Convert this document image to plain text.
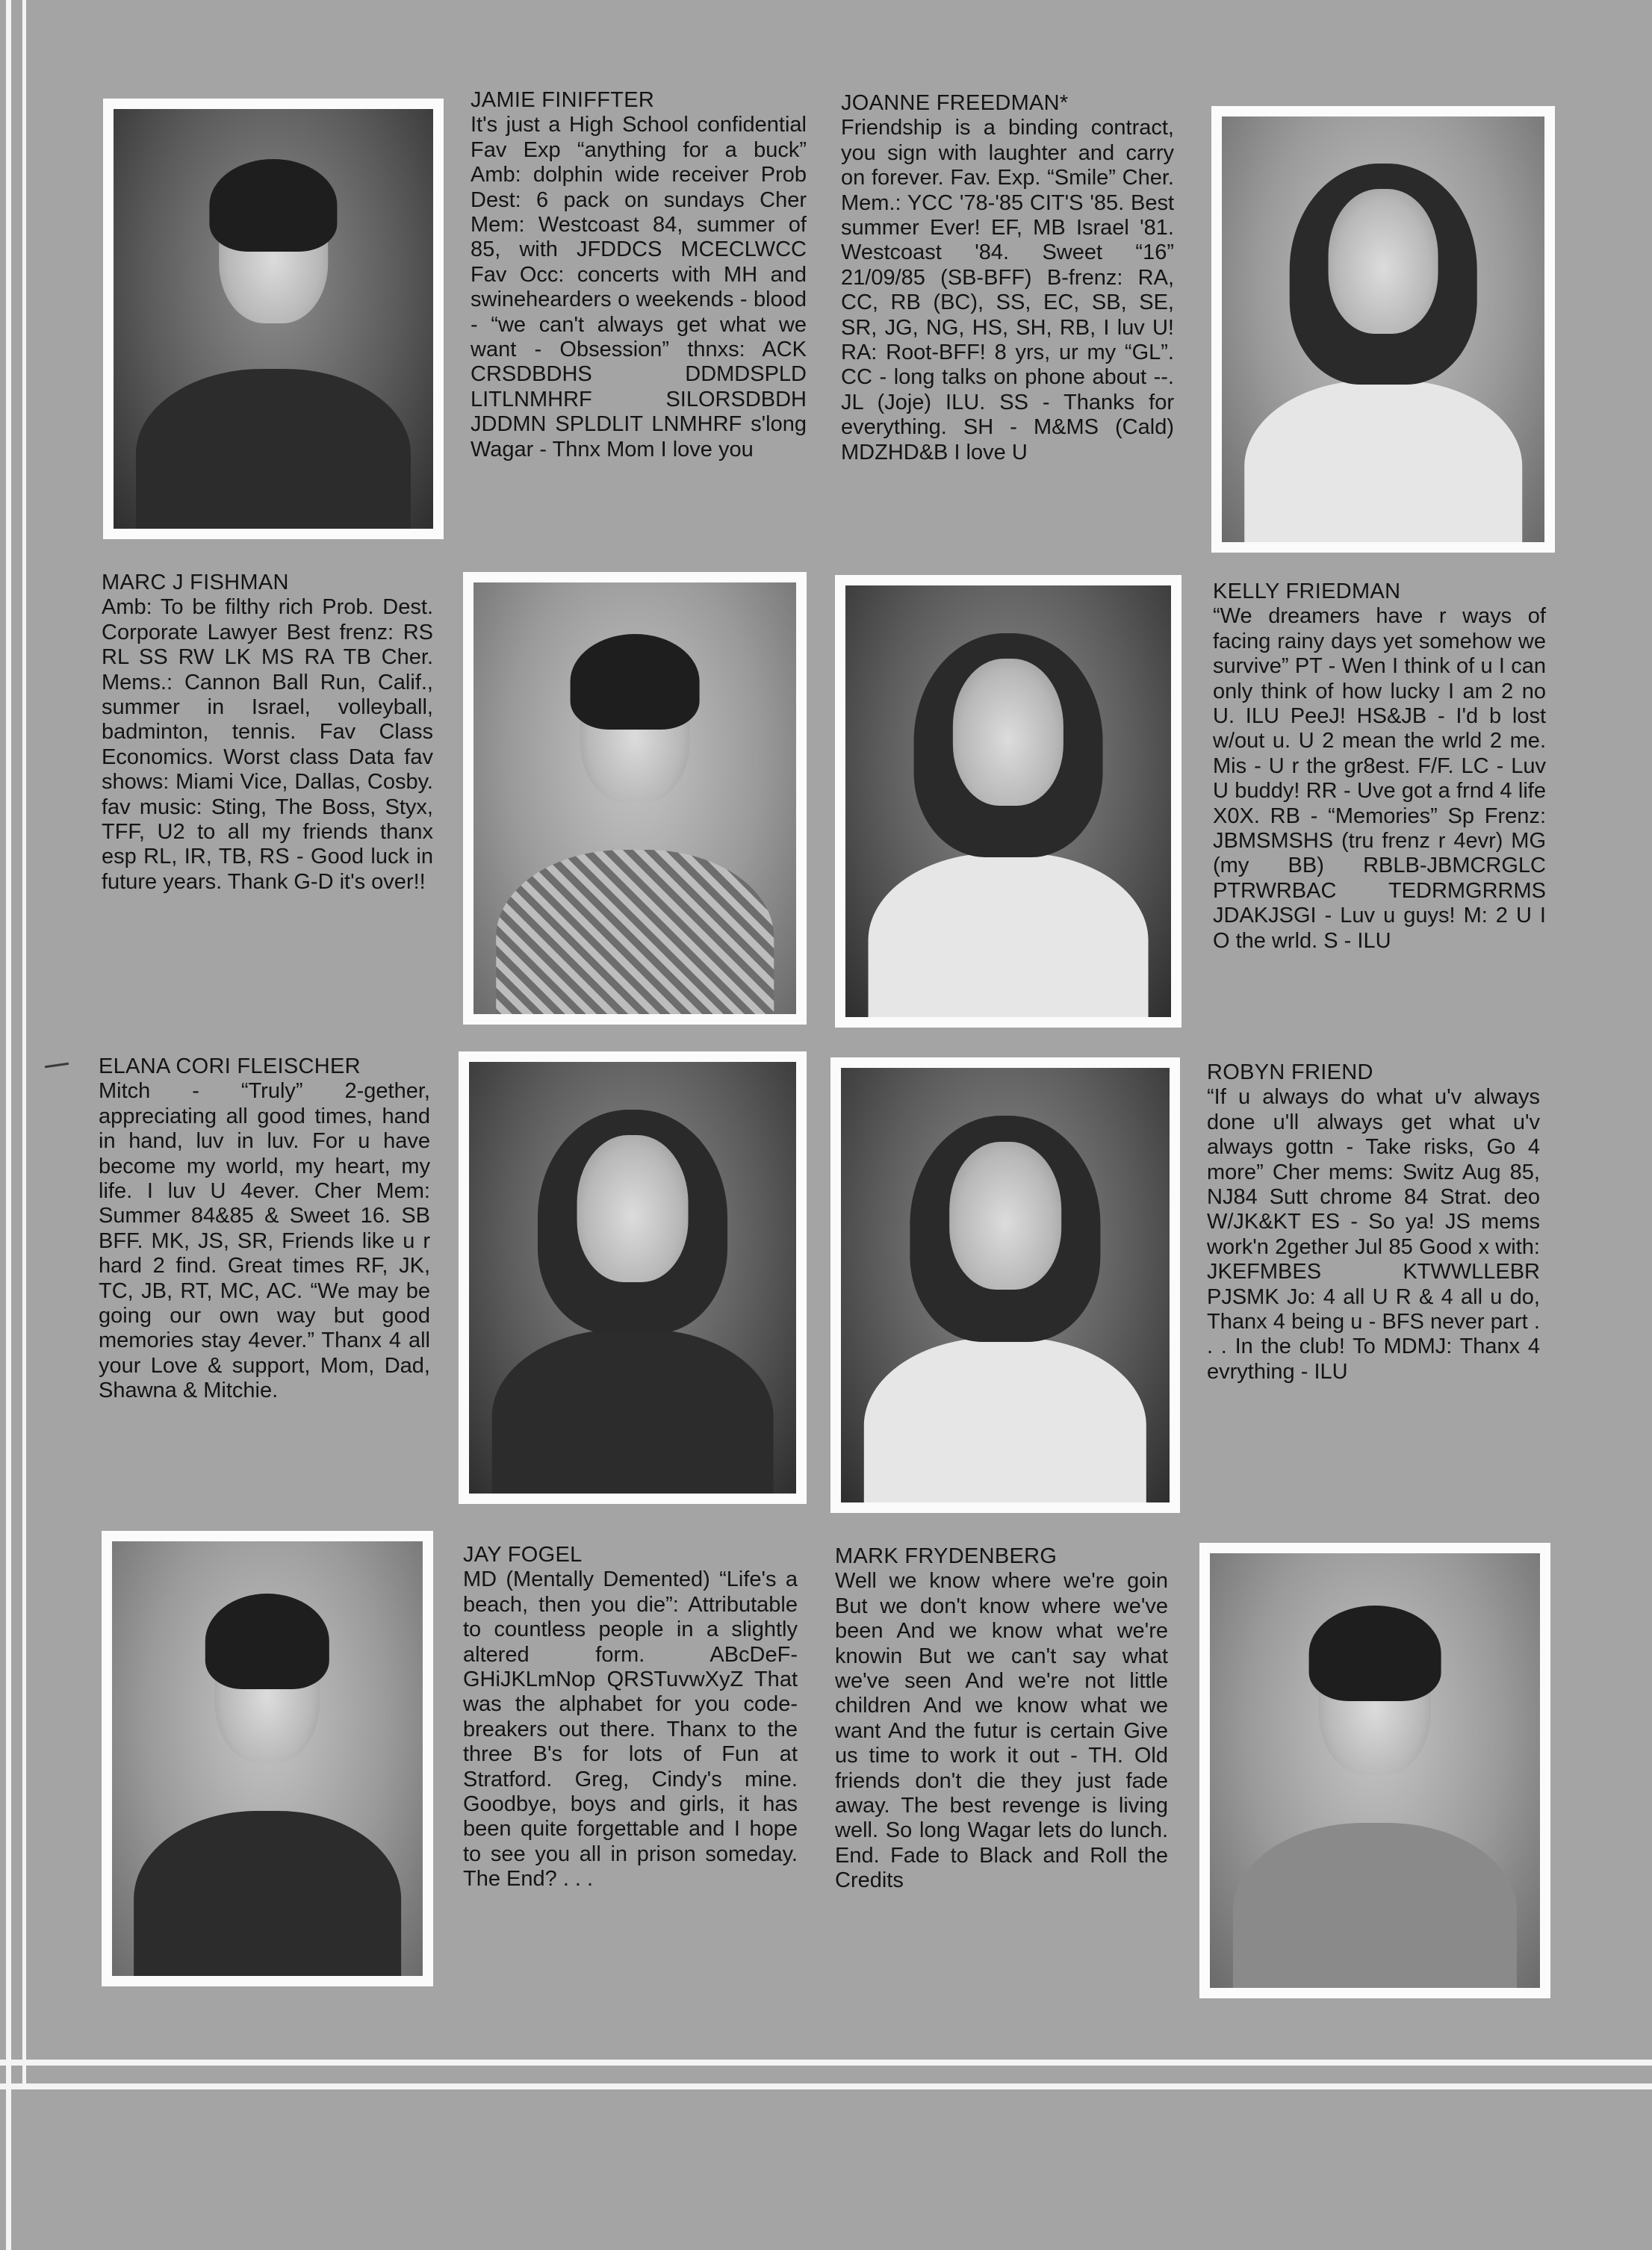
JAMIE FINIFFTER
It's just a High School confidential Fav Exp “anything for a buck” Amb: dolphin wide receiver Prob Dest: 6 pack on sundays Cher Mem: Westcoast 84, summer of 85, with JFDDCS MCECLWCC Fav Occ: concerts with MH and swinehearders o weekends - blood - “we can't always get what we want - Obsession” thnxs: ACK CRSDBDHS DDMDSPLD LITLNMHRF SILORSDBDH JDDMN SPLDLIT LNMHRF s'long Wagar - Thnx Mom I love you
JOANNE FREEDMAN*
Friendship is a binding contract, you sign with laughter and carry on forever. Fav. Exp. “Smile” Cher. Mem.: YCC '78-'85 CIT'S '85. Best summer Ever! EF, MB Israel '81. Westcoast '84. Sweet “16” 21/09/85 (SB-BFF) B-frenz: RA, CC, RB (BC), SS, EC, SB, SE, SR, JG, NG, HS, SH, RB, I luv U! RA: Root-BFF! 8 yrs, ur my “GL”. CC - long talks on phone about --. JL (Joje) ILU. SS - Thanks for everything. SH - M&MS (Cald) MDZHD&B I love U
MARC J FISHMAN
Amb: To be filthy rich Prob. Dest. Corporate Lawyer Best frenz: RS RL SS RW LK MS RA TB Cher. Mems.: Cannon Ball Run, Calif., summer in Israel, volleyball, badminton, tennis. Fav Class Economics. Worst class Data fav shows: Miami Vice, Dallas, Cosby. fav music: Sting, The Boss, Styx, TFF, U2 to all my friends thanx esp RL, IR, TB, RS - Good luck in future years. Thank G-D it's over!!
KELLY FRIEDMAN
“We dreamers have r ways of facing rainy days yet somehow we survive” PT - Wen I think of u I can only think of how lucky I am 2 no U. ILU PeeJ! HS&JB - I'd b lost w/out u. U 2 mean the wrld 2 me. Mis - U r the gr8est. F/F. LC - Luv U buddy! RR - Uve got a frnd 4 life X0X. RB - “Memories” Sp Frenz: JBMSMSHS (tru frenz r 4evr) MG (my BB) RBLB-JBMCRGLC PTRWRBAC TEDRMGRRMS JDAKJSGI - Luv u guys! M: 2 U I O the wrld. S - ILU
ELANA CORI FLEISCHER
Mitch - “Truly” 2-gether, appreciating all good times, hand in hand, luv in luv. For u have become my world, my heart, my life. I luv U 4ever. Cher Mem: Summer 84&85 & Sweet 16. SB BFF. MK, JS, SR, Friends like u r hard 2 find. Great times RF, JK, TC, JB, RT, MC, AC. “We may be going our own way but good memories stay 4ever.” Thanx 4 all your Love & support, Mom, Dad, Shawna & Mitchie.
ROBYN FRIEND
“If u always do what u'v always done u'll always get what u'v always gottn - Take risks, Go 4 more” Cher mems: Switz Aug 85, NJ84 Sutt chrome 84 Strat. deo W/JK&KT ES - So ya! JS mems work'n 2gether Jul 85 Good x with: JKEFMBES KTWWLLEBR PJSMK Jo: 4 all U R & 4 all u do, Thanx 4 being u - BFS never part . . . In the club! To MDMJ: Thanx 4 evrything - ILU
JAY FOGEL
MD (Mentally Demented) “Life's a beach, then you die”: Attributable to countless people in a slightly altered form. ABcDeF-GHiJKLmNop QRSTuvwXyZ That was the alphabet for you code-breakers out there. Thanx to the three B's for lots of Fun at Stratford. Greg, Cindy's mine. Goodbye, boys and girls, it has been quite forgettable and I hope to see you all in prison someday. The End? . . .
MARK FRYDENBERG
Well we know where we're goin But we don't know where we've been And we know what we're knowin But we can't say what we've seen And we're not little children And we know what we want And the futur is certain Give us time to work it out - TH. Old friends don't die they just fade away. The best revenge is living well. So long Wagar lets do lunch. End. Fade to Black and Roll the Credits
